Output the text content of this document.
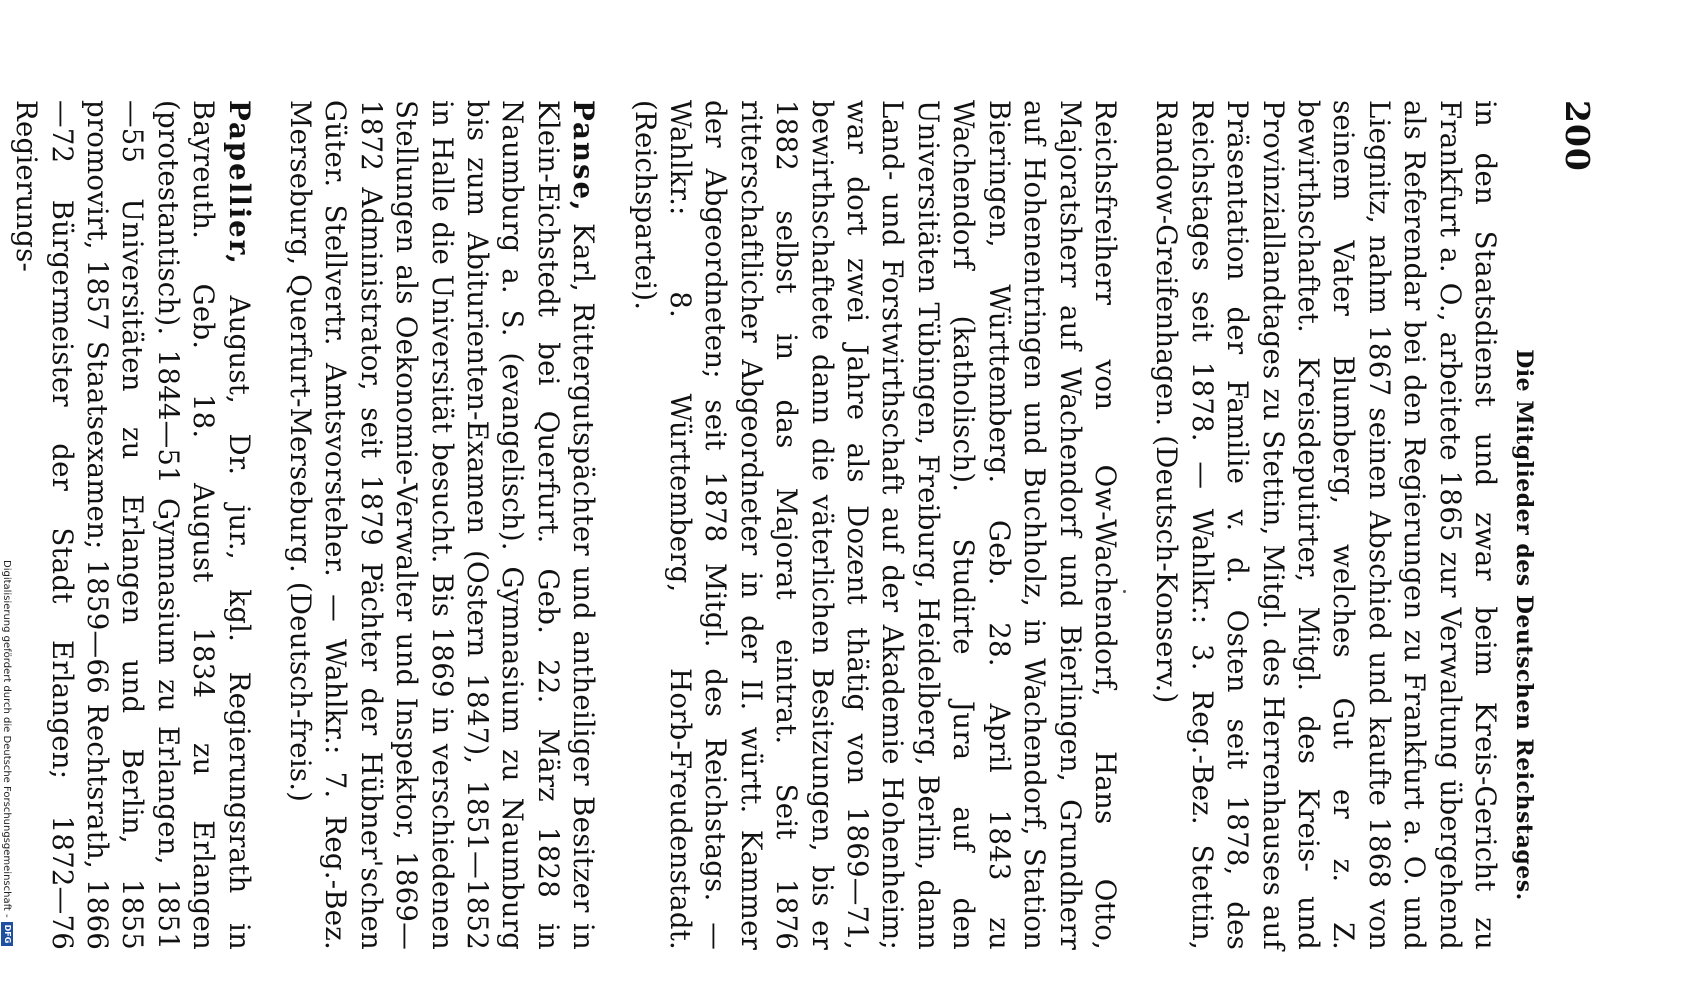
200
Die Mitglieder des Deutschen Reichstages.

in den Staatsdienst und zwar beim Kreis-Gericht zu Frankfurt a. O., arbeitete 1865 zur Verwaltung übergehend als Referendar bei den Regierungen zu Frankfurt a. O. und Liegnitz, nahm 1867 seinen Abschied und kaufte 1868 von seinem Vater Blumberg, welches Gut er z. Z. bewirthschaftet. Kreisdeputirter, Mitgl. des Kreis- und Provinziallandtages zu Stettin, Mitgl. des Herrenhauses auf Präsentation der Familie v. d. Osten seit 1878, des Reichstages seit 1878. — Wahlkr.: 3. Reg.-Bez. Stettin, Randow-Greifenhagen. (Deutsch-Konserv.)

Reichsfreiherr von Ow-Wachendorf, Hans Otto, Majoratsherr auf Wachendorf und Bierlingen, Grundherr auf Hohenentringen und Buchholz, in Wachendorf, Station Bieringen, Württemberg. Geb. 28. April 1843 zu Wachendorf (katholisch). Studirte Jura auf den Universitäten Tübingen, Freiburg, Heidelberg, Berlin, dann Land- und Forstwirthschaft auf der Akademie Hohenheim; war dort zwei Jahre als Dozent thätig von 1869—71, bewirthschaftete dann die väterlichen Besitzungen, bis er 1882 selbst in das Majorat eintrat. Seit 1876 ritterschaftlicher Abgeordneter in der II. württ. Kammer der Abgeordneten; seit 1878 Mitgl. des Reichstags. — Wahlkr.: 8. Württemberg, Horb-Freudenstadt. (Reichspartei).

Panse, Karl, Rittergutspächter und antheiliger Besitzer in Klein-Eichstedt bei Querfurt. Geb. 22. März 1828 in Naumburg a. S. (evangelisch). Gymnasium zu Naumburg bis zum Abiturienten-Examen (Ostern 1847), 1851—1852 in Halle die Universität besucht. Bis 1869 in verschiedenen Stellungen als Oekonomie-Verwalter und Inspektor, 1869—1872 Administrator, seit 1879 Pächter der Hübner'schen Güter. Stellvertr. Amtsvorsteher. — Wahlkr.: 7. Reg.-Bez. Merseburg, Querfurt-Merseburg. (Deutsch-freis.)

Papellier, August, Dr. jur., kgl. Regierungsrath in Bayreuth. Geb. 18. August 1834 zu Erlangen (protestantisch). 1844—51 Gymnasium zu Erlangen, 1851—55 Universitäten zu Erlangen und Berlin, 1855 promovirt, 1857 Staatsexamen; 1859—66 Rechtsrath, 1866—72 Bürgermeister der Stadt Erlangen; 1872—76 Regierungs-

Digitalisierung gefördert durch die Deutsche Forschungsgemeinschaft -
DFG
